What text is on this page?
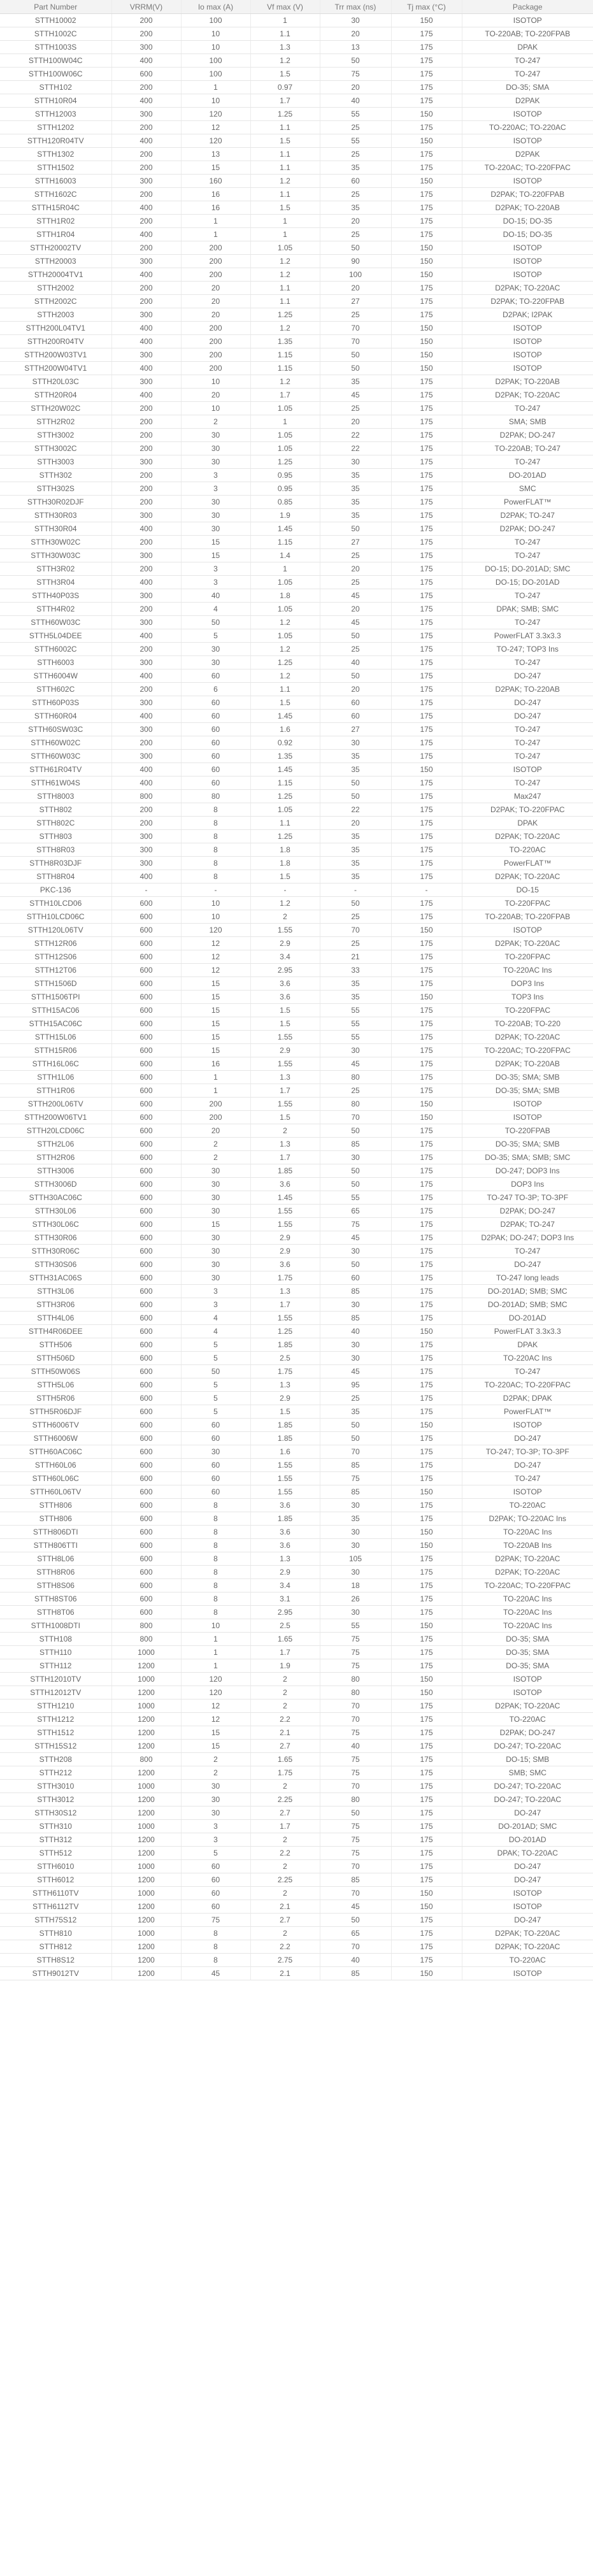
Part Number	VRRM(V)	Io max (A)	Vf max (V)	Trr max (ns)	Tj max (°C)	Package
STTH10002	200	100	1	30	150	ISOTOP
STTH1002C	200	10	1.1	20	175	TO-220AB; TO-220FPAB
STTH1003S	300	10	1.3	13	175	DPAK
STTH100W04C	400	100	1.2	50	175	TO-247
STTH100W06C	600	100	1.5	75	175	TO-247
STTH102	200	1	0.97	20	175	DO-35; SMA
STTH10R04	400	10	1.7	40	175	D2PAK
STTH12003	300	120	1.25	55	150	ISOTOP
STTH1202	200	12	1.1	25	175	TO-220AC; TO-220AC
STTH120R04TV	400	120	1.5	55	150	ISOTOP
STTH1302	200	13	1.1	25	175	D2PAK
STTH1502	200	15	1.1	35	175	TO-220AC; TO-220FPAC
STTH16003	300	160	1.2	60	150	ISOTOP
STTH1602C	200	16	1.1	25	175	D2PAK; TO-220FPAB
STTH15R04C	400	16	1.5	35	175	D2PAK; TO-220AB
STTH1R02	200	1	1	20	175	DO-15; DO-35
STTH1R04	400	1	1	25	175	DO-15; DO-35
STTH20002TV	200	200	1.05	50	150	ISOTOP
STTH20003	300	200	1.2	90	150	ISOTOP
STTH20004TV1	400	200	1.2	100	150	ISOTOP
STTH2002	200	20	1.1	20	175	D2PAK; TO-220AC
STTH2002C	200	20	1.1	27	175	D2PAK; TO-220FPAB
STTH2003	300	20	1.25	25	175	D2PAK; I2PAK
STTH200L04TV1	400	200	1.2	70	150	ISOTOP
STTH200R04TV	400	200	1.35	70	150	ISOTOP
STTH200W03TV1	300	200	1.15	50	150	ISOTOP
STTH200W04TV1	400	200	1.15	50	150	ISOTOP
STTH20L03C	300	10	1.2	35	175	D2PAK; TO-220AB
STTH20R04	400	20	1.7	45	175	D2PAK; TO-220AC
STTH20W02C	200	10	1.05	25	175	TO-247
STTH2R02	200	2	1	20	175	SMA; SMB
STTH3002	200	30	1.05	22	175	D2PAK; DO-247
STTH3002C	200	30	1.05	22	175	TO-220AB; TO-247
STTH3003	300	30	1.25	30	175	TO-247
STTH302	200	3	0.95	35	175	DO-201AD
STTH302S	200	3	0.95	35	175	SMC
STTH30R02DJF	200	30	0.85	35	175	PowerFLAT™
STTH30R03	300	30	1.9	35	175	D2PAK; TO-247
STTH30R04	400	30	1.45	50	175	D2PAK; DO-247
STTH30W02C	200	15	1.15	27	175	TO-247
STTH30W03C	300	15	1.4	25	175	TO-247
STTH3R02	200	3	1	20	175	DO-15; DO-201AD; SMC
STTH3R04	400	3	1.05	25	175	DO-15; DO-201AD
STTH40P03S	300	40	1.8	45	175	TO-247
STTH4R02	200	4	1.05	20	175	DPAK; SMB; SMC
STTH60W03C	300	50	1.2	45	175	TO-247
STTH5L04DEE	400	5	1.05	50	175	PowerFLAT 3.3x3.3
STTH6002C	200	30	1.2	25	175	TO-247; TOP3 Ins
STTH6003	300	30	1.25	40	175	TO-247
STTH6004W	400	60	1.2	50	175	DO-247
STTH602C	200	6	1.1	20	175	D2PAK; TO-220AB
STTH60P03S	300	60	1.5	60	175	DO-247
STTH60R04	400	60	1.45	60	175	DO-247
STTH60SW03C	300	60	1.6	27	175	TO-247
STTH60W02C	200	60	0.92	30	175	TO-247
STTH60W03C	300	60	1.35	35	175	TO-247
STTH61R04TV	400	60	1.45	35	150	ISOTOP
STTH61W04S	400	60	1.15	50	175	TO-247
STTH8003	800	80	1.25	50	175	Max247
STTH802	200	8	1.05	22	175	D2PAK; TO-220FPAC
STTH802C	200	8	1.1	20	175	DPAK
STTH803	300	8	1.25	35	175	D2PAK; TO-220AC
STTH8R03	300	8	1.8	35	175	TO-220AC
STTH8R03DJF	300	8	1.8	35	175	PowerFLAT™
STTH8R04	400	8	1.5	35	175	D2PAK; TO-220AC
PKC-136	-	-	-	-	-	DO-15
STTH10LCD06	600	10	1.2	50	175	TO-220FPAC
STTH10LCD06C	600	10	2	25	175	TO-220AB; TO-220FPAB
STTH120L06TV	600	120	1.55	70	150	ISOTOP
STTH12R06	600	12	2.9	25	175	D2PAK; TO-220AC
STTH12S06	600	12	3.4	21	175	TO-220FPAC
STTH12T06	600	12	2.95	33	175	TO-220AC Ins
STTH1506D	600	15	3.6	35	175	DOP3 Ins
STTH1506TPI	600	15	3.6	35	150	TOP3 Ins
STTH15AC06	600	15	1.5	55	175	TO-220FPAC
STTH15AC06C	600	15	1.5	55	175	TO-220AB; TO-220
STTH15L06	600	15	1.55	55	175	D2PAK; TO-220AC
STTH15R06	600	15	2.9	30	175	TO-220AC; TO-220FPAC
STTH16L06C	600	16	1.55	45	175	D2PAK; TO-220AB
STTH1L06	600	1	1.3	80	175	DO-35; SMA; SMB
STTH1R06	600	1	1.7	25	175	DO-35; SMA; SMB
STTH200L06TV	600	200	1.55	80	150	ISOTOP
STTH200W06TV1	600	200	1.5	70	150	ISOTOP
STTH20LCD06C	600	20	2	50	175	TO-220FPAB
STTH2L06	600	2	1.3	85	175	DO-35; SMA; SMB
STTH2R06	600	2	1.7	30	175	DO-35; SMA; SMB; SMC
STTH3006	600	30	1.85	50	175	DO-247; DOP3 Ins
STTH3006D	600	30	3.6	50	175	DOP3 Ins
STTH30AC06C	600	30	1.45	55	175	TO-247 TO-3P; TO-3PF
STTH30L06	600	30	1.55	65	175	D2PAK; DO-247
STTH30L06C	600	15	1.55	75	175	D2PAK; TO-247
STTH30R06	600	30	2.9	45	175	D2PAK; DO-247; DOP3 Ins
STTH30R06C	600	30	2.9	30	175	TO-247
STTH30S06	600	30	3.6	50	175	DO-247
STTH31AC06S	600	30	1.75	60	175	TO-247 long leads
STTH3L06	600	3	1.3	85	175	DO-201AD; SMB; SMC
STTH3R06	600	3	1.7	30	175	DO-201AD; SMB; SMC
STTH4L06	600	4	1.55	85	175	DO-201AD
STTH4R06DEE	600	4	1.25	40	150	PowerFLAT 3.3x3.3
STTH506	600	5	1.85	30	175	DPAK
STTH506D	600	5	2.5	30	175	TO-220AC Ins
STTH50W06S	600	50	1.75	45	175	TO-247
STTH5L06	600	5	1.3	95	175	TO-220AC; TO-220FPAC
STTH5R06	600	5	2.9	25	175	D2PAK; DPAK
STTH5R06DJF	600	5	1.5	35	175	PowerFLAT™
STTH6006TV	600	60	1.85	50	150	ISOTOP
STTH6006W	600	60	1.85	50	175	DO-247
STTH60AC06C	600	30	1.6	70	175	TO-247; TO-3P; TO-3PF
STTH60L06	600	60	1.55	85	175	DO-247
STTH60L06C	600	60	1.55	75	175	TO-247
STTH60L06TV	600	60	1.55	85	150	ISOTOP
STTH806	600	8	3.6	30	175	TO-220AC
STTH806	600	8	1.85	35	175	D2PAK; TO-220AC Ins
STTH806DTI	600	8	3.6	30	150	TO-220AC Ins
STTH806TTI	600	8	3.6	30	150	TO-220AB Ins
STTH8L06	600	8	1.3	105	175	D2PAK; TO-220AC
STTH8R06	600	8	2.9	30	175	D2PAK; TO-220AC
STTH8S06	600	8	3.4	18	175	TO-220AC; TO-220FPAC
STTH8ST06	600	8	3.1	26	175	TO-220AC Ins
STTH8T06	600	8	2.95	30	175	TO-220AC Ins
STTH1008DTI	800	10	2.5	55	150	TO-220AC Ins
STTH108	800	1	1.65	75	175	DO-35; SMA
STTH110	1000	1	1.7	75	175	DO-35; SMA
STTH112	1200	1	1.9	75	175	DO-35; SMA
STTH12010TV	1000	120	2	80	150	ISOTOP
STTH12012TV	1200	120	2	80	150	ISOTOP
STTH1210	1000	12	2	70	175	D2PAK; TO-220AC
STTH1212	1200	12	2.2	70	175	TO-220AC
STTH1512	1200	15	2.1	75	175	D2PAK; DO-247
STTH15S12	1200	15	2.7	40	175	DO-247; TO-220AC
STTH208	800	2	1.65	75	175	DO-15; SMB
STTH212	1200	2	1.75	75	175	SMB; SMC
STTH3010	1000	30	2	70	175	DO-247; TO-220AC
STTH3012	1200	30	2.25	80	175	DO-247; TO-220AC
STTH30S12	1200	30	2.7	50	175	DO-247
STTH310	1000	3	1.7	75	175	DO-201AD; SMC
STTH312	1200	3	2	75	175	DO-201AD
STTH512	1200	5	2.2	75	175	DPAK; TO-220AC
STTH6010	1000	60	2	70	175	DO-247
STTH6012	1200	60	2.25	85	175	DO-247
STTH6110TV	1000	60	2	70	150	ISOTOP
STTH6112TV	1200	60	2.1	45	150	ISOTOP
STTH75S12	1200	75	2.7	50	175	DO-247
STTH810	1000	8	2	65	175	D2PAK; TO-220AC
STTH812	1200	8	2.2	70	175	D2PAK; TO-220AC
STTH8S12	1200	8	2.75	40	175	TO-220AC
STTH9012TV	1200	45	2.1	85	150	ISOTOP
